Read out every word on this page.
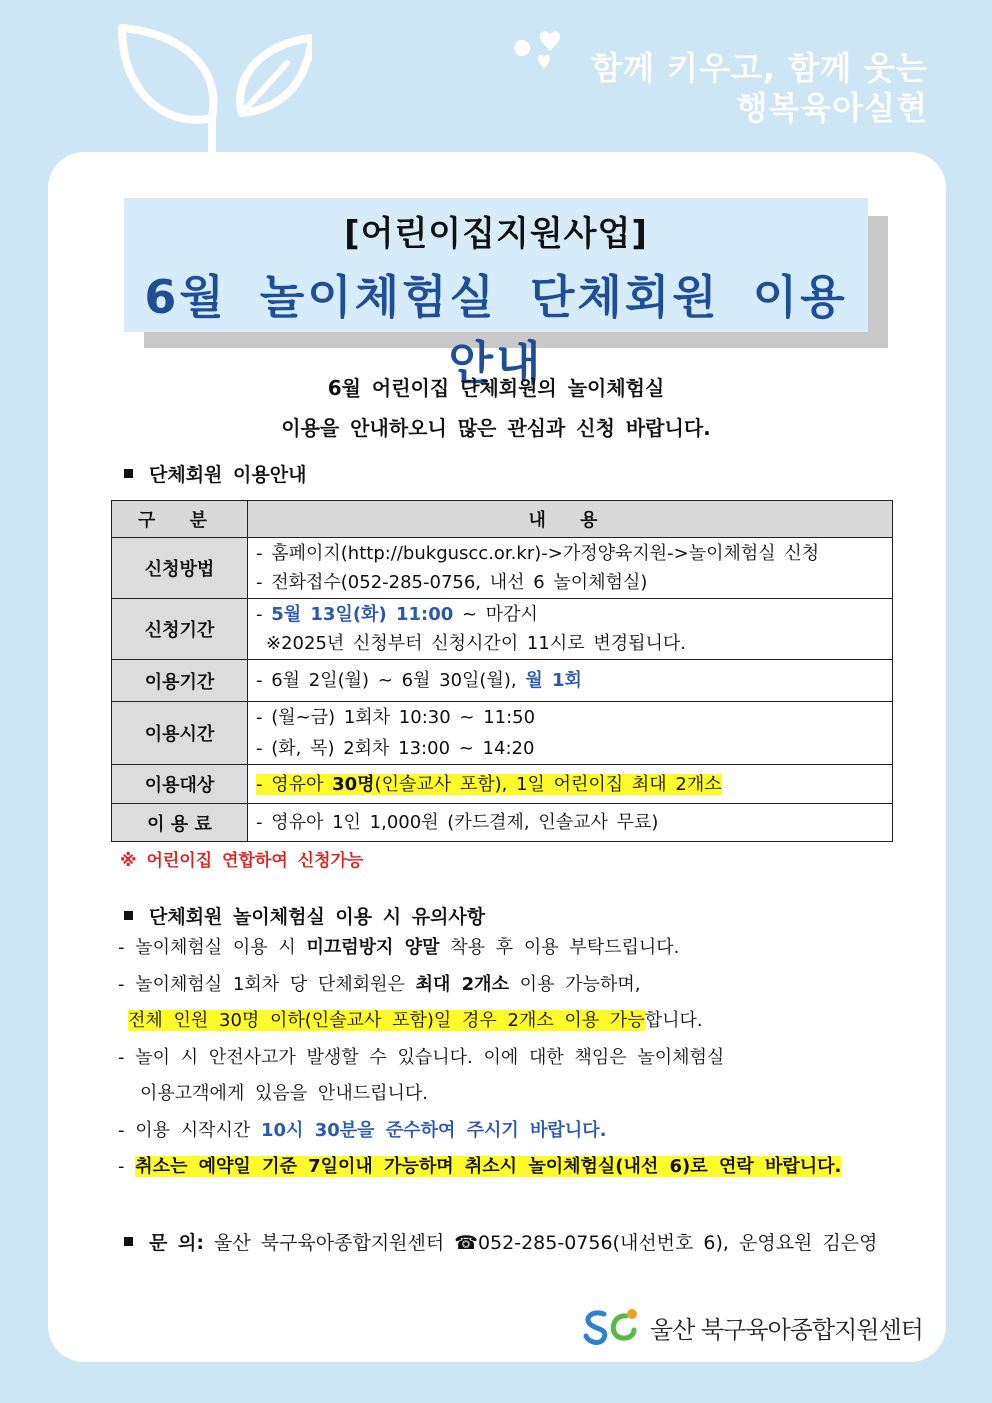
함께 키우고, 함께 웃는
행복육아실현
[어린이집지원사업]
6월 놀이체험실 단체회원 이용 안내
6월 어린이집 단체회원의 놀이체험실
이용을 안내하오니 많은 관심과 신청 바랍니다.
단체회원 이용안내
구 분	내 용
신청방법	- 홈페이지(http://bukguscc.or.kr)->가정양육지원->놀이체험실 신청
- 전화접수(052-285-0756, 내선 6 놀이체험실)

신청기간	- 5월 13일(화) 11:00 ~ 마감시
※2025년 신청부터 신청시간이 11시로 변경됩니다.

이용기간	- 6월 2일(월) ~ 6월 30일(월), 월 1회
이용시간	- (월~금) 1회차 10:30 ~ 11:50
- (화, 목) 2회차 13:00 ~ 14:20

이용대상	- 영유아 30명(인솔교사 포함), 1일 어린이집 최대 2개소
이 용 료	- 영유아 1인 1,000원 (카드결제, 인솔교사 무료)
※ 어린이집 연합하여 신청가능
단체회원 놀이체험실 이용 시 유의사항
- 놀이체험실 이용 시 미끄럼방지 양말 착용 후 이용 부탁드립니다.
- 놀이체험실 1회차 당 단체회원은 최대 2개소 이용 가능하며,
전체 인원 30명 이하(인솔교사 포함)일 경우 2개소 이용 가능합니다.
- 놀이 시 안전사고가 발생할 수 있습니다. 이에 대한 책임은 놀이체험실
이용고객에게 있음을 안내드립니다.
- 이용 시작시간 10시 30분을 준수하여 주시기 바랍니다.
- 취소는 예약일 기준 7일이내 가능하며 취소시 놀이체험실(내선 6)로 연락 바랍니다.
문 의: 울산 북구육아종합지원센터 ☎052-285-0756(내선번호 6), 운영요원 김은영
울산 북구육아종합지원센터
